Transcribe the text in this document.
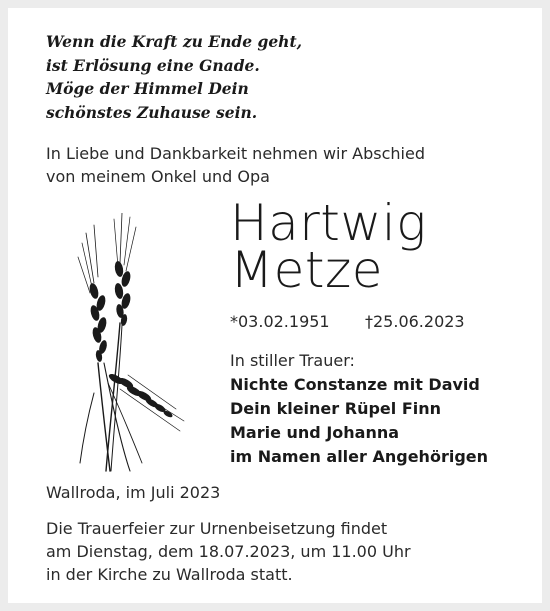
Wenn die Kraft zu Ende geht,
ist Erlösung eine Gnade.
Möge der Himmel Dein
schönstes Zuhause sein.
In Liebe und Dankbarkeit nehmen wir Abschied
von meinem Onkel und Opa
Hartwig
Metze
*03.02.1951 †25.06.2023
In stiller Trauer:
Nichte Constanze mit David
Dein kleiner Rüpel Finn
Marie und Johanna
im Namen aller Angehörigen
Wallroda, im Juli 2023
Die Trauerfeier zur Urnenbeisetzung findet
am Dienstag, dem 18.07.2023, um 11.00 Uhr
in der Kirche zu Wallroda statt.
